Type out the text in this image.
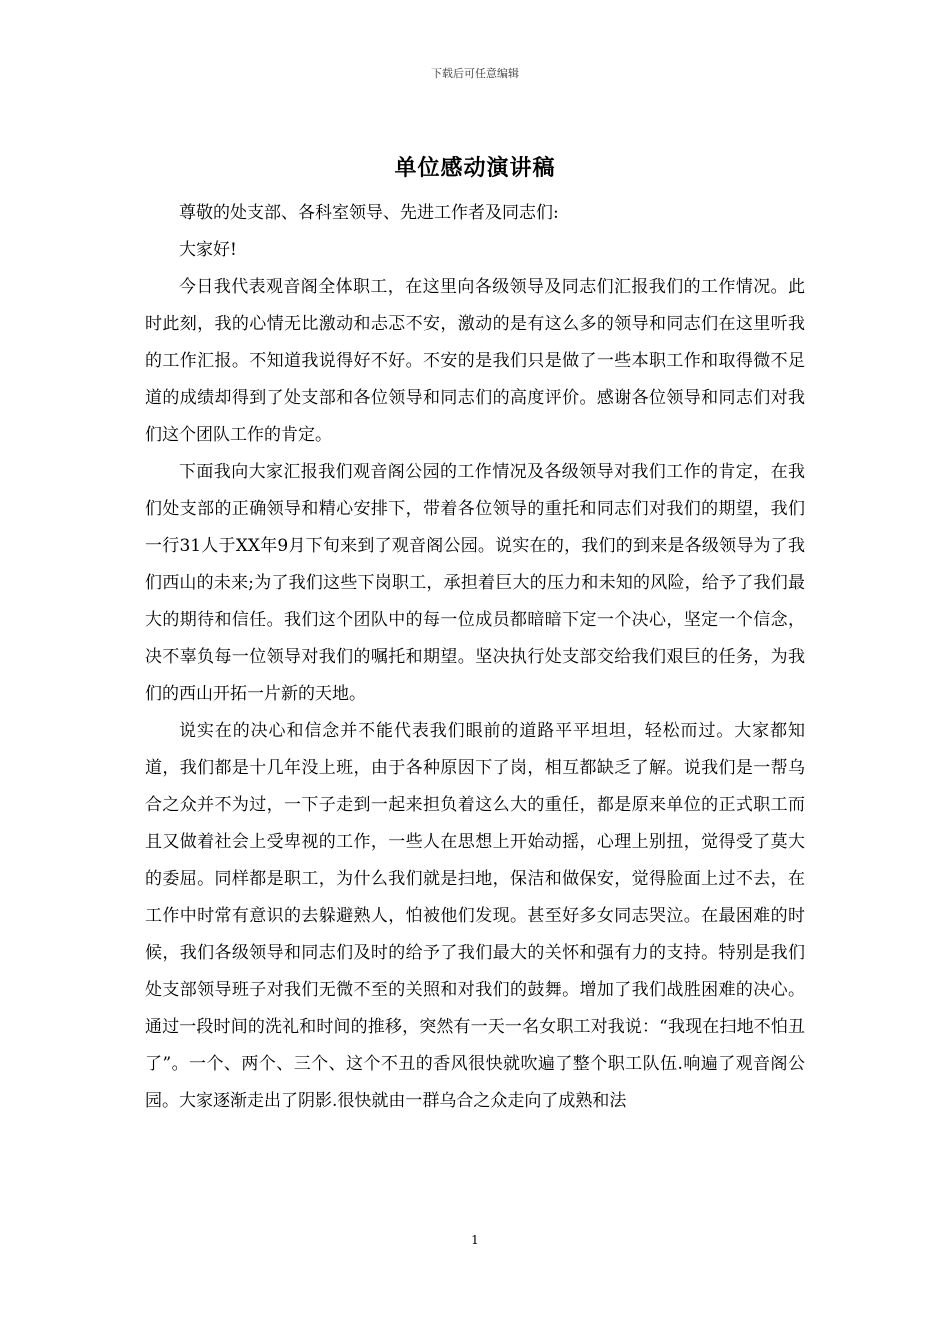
下载后可任意编辑
单位感动演讲稿

尊敬的处支部、各科室领导、先进工作者及同志们:

大家好!

今日我代表观音阁全体职工，在这里向各级领导及同志们汇报我们的工作情况。此时此刻，我的心情无比激动和忐忑不安，激动的是有这么多的领导和同志们在这里听我的工作汇报。不知道我说得好不好。不安的是我们只是做了一些本职工作和取得微不足道的成绩却得到了处支部和各位领导和同志们的高度评价。感谢各位领导和同志们对我们这个团队工作的肯定。

下面我向大家汇报我们观音阁公园的工作情况及各级领导对我们工作的肯定，在我们处支部的正确领导和精心安排下，带着各位领导的重托和同志们对我们的期望，我们一行31人于XX年9月下旬来到了观音阁公园。说实在的，我们的到来是各级领导为了我们西山的未来;为了我们这些下岗职工，承担着巨大的压力和未知的风险，给予了我们最大的期待和信任。我们这个团队中的每一位成员都暗暗下定一个决心，坚定一个信念，决不辜负每一位领导对我们的嘱托和期望。坚决执行处支部交给我们艰巨的任务，为我们的西山开拓一片新的天地。

说实在的决心和信念并不能代表我们眼前的道路平平坦坦，轻松而过。大家都知道，我们都是十几年没上班，由于各种原因下了岗，相互都缺乏了解。说我们是一帮乌合之众并不为过，一下子走到一起来担负着这么大的重任，都是原来单位的正式职工而且又做着社会上受卑视的工作，一些人在思想上开始动摇，心理上别扭，觉得受了莫大的委屈。同样都是职工，为什么我们就是扫地，保洁和做保安，觉得脸面上过不去，在工作中时常有意识的去躲避熟人，怕被他们发现。甚至好多女同志哭泣。在最困难的时候，我们各级领导和同志们及时的给予了我们最大的关怀和强有力的支持。特别是我们处支部领导班子对我们无微不至的关照和对我们的鼓舞。增加了我们战胜困难的决心。通过一段时间的洗礼和时间的推移，突然有一天一名女职工对我说：“我现在扫地不怕丑了”。一个、两个、三个、这个不丑的香风很快就吹遍了整个职工队伍.响遍了观音阁公园。大家逐渐走出了阴影.很快就由一群乌合之众走向了成熟和法

1
